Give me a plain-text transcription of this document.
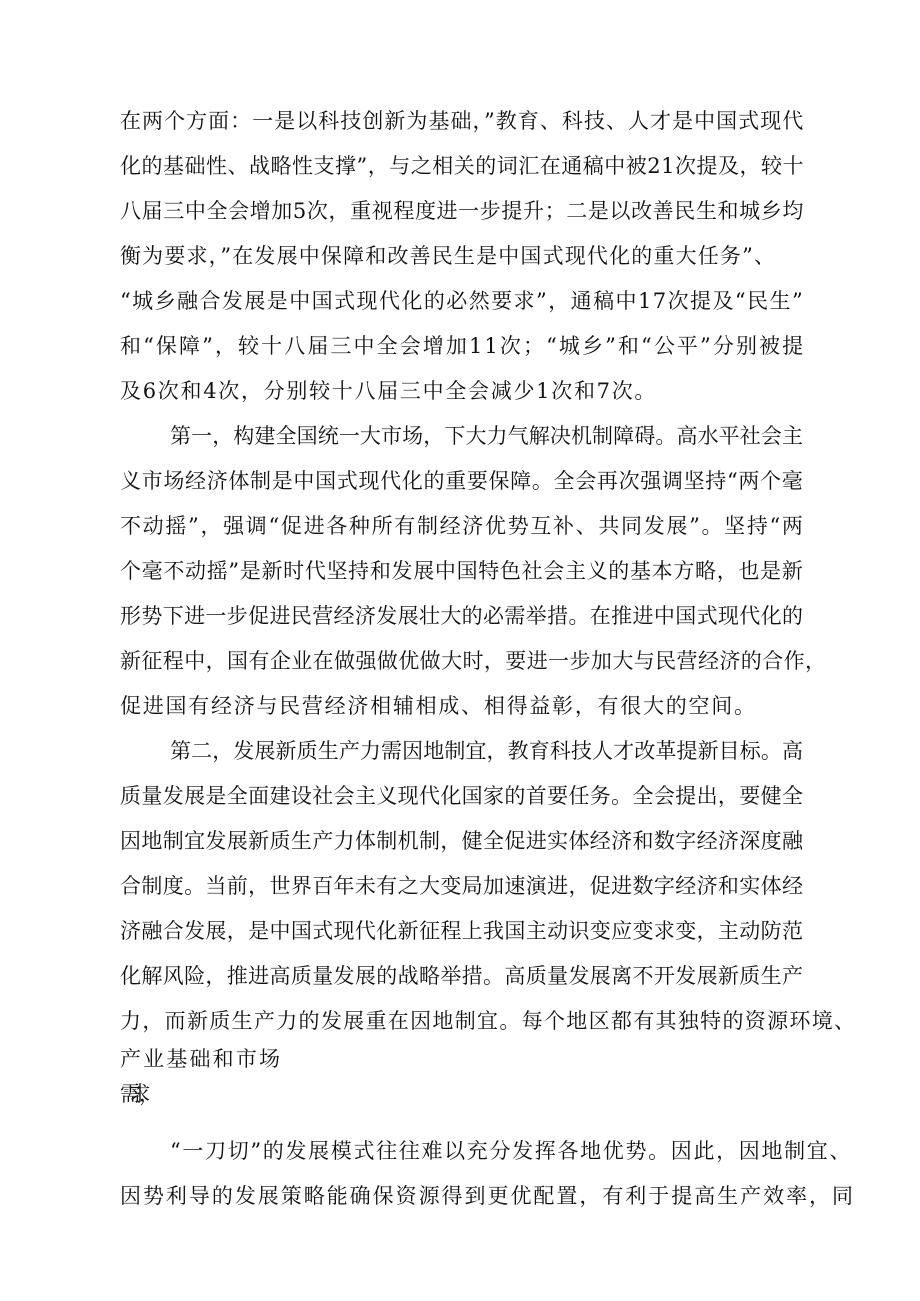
在两个方面：一是以科技创新为基础，”教育、科技、人才是中国式现代
化的基础性、战略性支撑”，与之相关的词汇在通稿中被21次提及，较十
八届三中全会增加5次，重视程度进一步提升；二是以改善民生和城乡均
衡为要求，”在发展中保障和改善民生是中国式现代化的重大任务”、
“城乡融合发展是中国式现代化的必然要求”，通稿中17次提及“民生”
和“保障”，较十八届三中全会增加11次；“城乡”和“公平”分别被提
及6次和4次，分别较十八届三中全会减少1次和7次。
第一，构建全国统一大市场，下大力气解决机制障碍。高水平社会主
义市场经济体制是中国式现代化的重要保障。全会再次强调坚持“两个毫
不动摇”，强调“促进各种所有制经济优势互补、共同发展”。坚持“两
个毫不动摇”是新时代坚持和发展中国特色社会主义的基本方略，也是新
形势下进一步促进民营经济发展壮大的必需举措。在推进中国式现代化的
新征程中，国有企业在做强做优做大时，要进一步加大与民营经济的合作，
促进国有经济与民营经济相辅相成、相得益彰，有很大的空间。
第二，发展新质生产力需因地制宜，教育科技人才改革提新目标。高
质量发展是全面建设社会主义现代化国家的首要任务。全会提出，要健全
因地制宜发展新质生产力体制机制，健全促进实体经济和数字经济深度融
合制度。当前，世界百年未有之大变局加速演进，促进数字经济和实体经
济融合发展，是中国式现代化新征程上我国主动识变应变求变，主动防范
化解风险，推进高质量发展的战略举措。高质量发展离不开发展新质生产
力，而新质生产力的发展重在因地制宜。每个地区都有其独特的资源环境、
产业基础和市场
需求，
“一刀切”的发展模式往往难以充分发挥各地优势。因此，因地制宜、
因势利导的发展策略能确保资源得到更优配置，有利于提高生产效率，同
